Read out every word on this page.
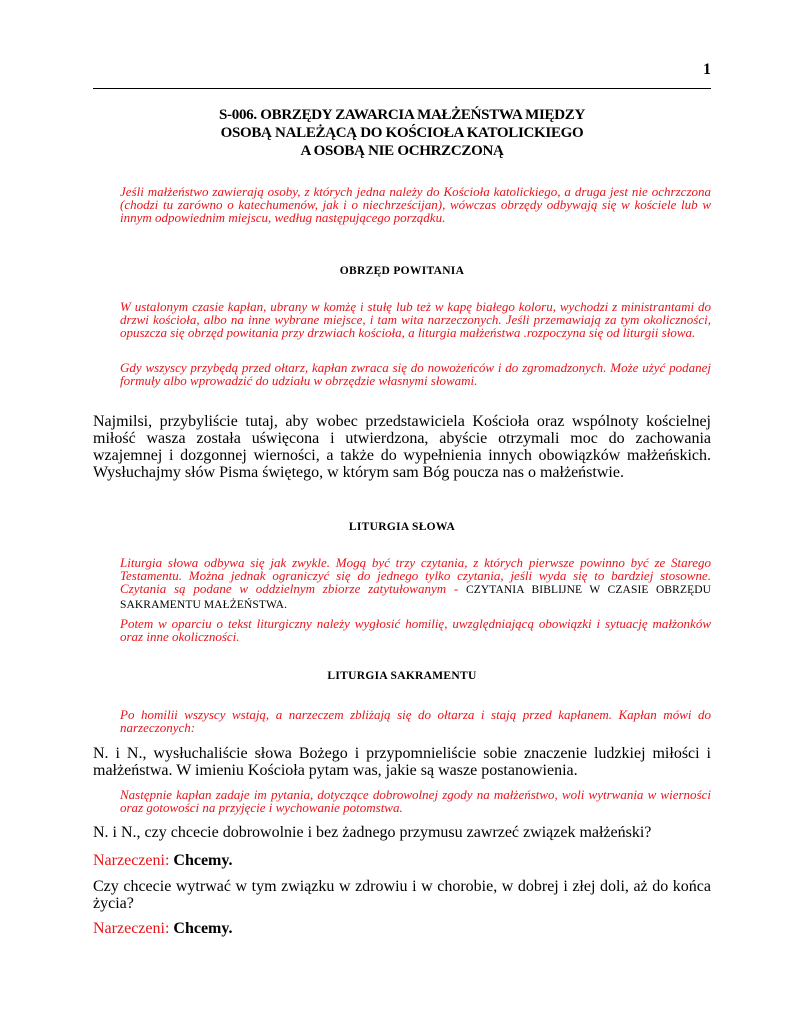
1
S-006. OBRZĘDY ZAWARCIA MAŁŻEŃSTWA MIĘDZY
OSOBĄ NALEŻĄCĄ DO KOŚCIOŁA KATOLICKIEGO
A OSOBĄ NIE OCHRZCZONĄ
Jeśli małżeństwo zawierają osoby, z których jedna należy do Kościoła katolickiego, a druga jest nie ochrzczona (chodzi tu zarówno o katechumenów, jak i o niechrześcijan), wówczas obrzędy odbywają się w kościele lub w innym odpowiednim miejscu, według następującego porządku.
OBRZĘD POWITANIA
W ustalonym czasie kapłan, ubrany w komżę i stułę lub też w kapę białego koloru, wychodzi z ministrantami do drzwi kościoła, albo na inne wybrane miejsce, i tam wita narzeczonych. Jeśli przemawiają za tym okoliczności, opuszcza się obrzęd powitania przy drzwiach kościoła, a liturgia małżeństwa .rozpoczyna się od liturgii słowa.
Gdy wszyscy przybędą przed ołtarz, kapłan zwraca się do nowożeńców i do zgromadzonych. Może użyć podanej formuły albo wprowadzić do udziału w obrzędzie własnymi słowami.
Najmilsi, przybyliście tutaj, aby wobec przedstawiciela Kościoła oraz wspólnoty kościelnej miłość wasza została uświęcona i utwierdzona, abyście otrzymali moc do zachowania wzajemnej i dozgonnej wierności, a także do wypełnienia innych obowiązków małżeńskich. Wysłuchajmy słów Pisma świętego, w którym sam Bóg poucza nas o małżeństwie.
LITURGIA SŁOWA
Liturgia słowa odbywa się jak zwykle. Mogą być trzy czytania, z których pierwsze powinno być ze Starego Testamentu. Można jednak ograniczyć się do jednego tylko czytania, jeśli wyda się to bardziej stosowne. Czytania są podane w oddzielnym zbiorze zatytułowanym - CZYTANIA BIBLIJNE W CZASIE OBRZĘDU SAKRAMENTU MAŁŻEŃSTWA.
Potem w oparciu o tekst liturgiczny należy wygłosić homilię, uwzględniającą obowiązki i sytuację małżonków oraz inne okoliczności.
LITURGIA SAKRAMENTU
Po homilii wszyscy wstają, a narzeczem zbliżają się do ołtarza i stają przed kapłanem. Kapłan mówi do narzeczonych:
N. i N., wysłuchaliście słowa Bożego i przypomnieliście sobie znaczenie ludzkiej miłości i małżeństwa. W imieniu Kościoła pytam was, jakie są wasze postanowienia.
Następnie kapłan zadaje im pytania, dotyczące dobrowolnej zgody na małżeństwo, woli wytrwania w wierności oraz gotowości na przyjęcie i wychowanie potomstwa.
N. i N., czy chcecie dobrowolnie i bez żadnego przymusu zawrzeć związek małżeński?
Narzeczeni: Chcemy.
Czy chcecie wytrwać w tym związku w zdrowiu i w chorobie, w dobrej i złej doli, aż do końca życia?
Narzeczeni: Chcemy.
